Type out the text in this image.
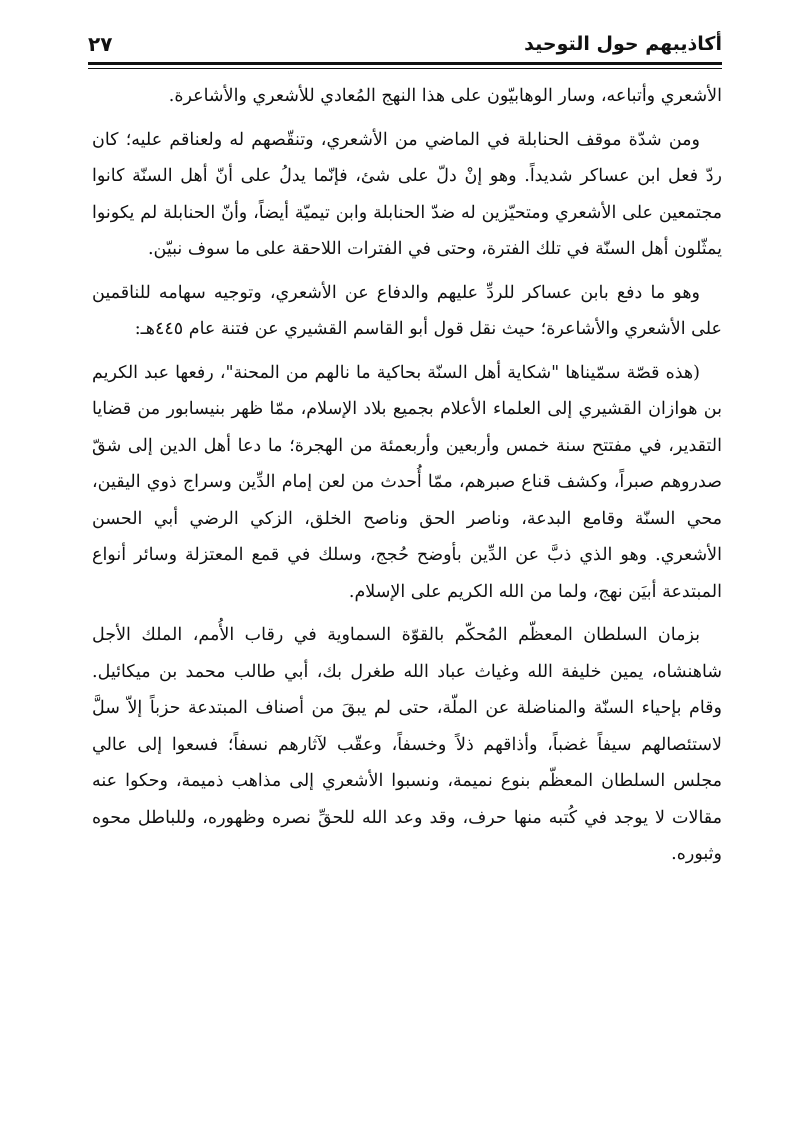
أكاذيبهم حول التوحيد
٢٧

الأشعري وأتباعه، وسار الوهابيّون على هذا النهج المُعادي للأشعري والأشاعرة.

ومن شدّة موقف الحنابلة في الماضي من الأشعري، وتنقّصهم له ولعناقم عليه؛ كان ردّ فعل ابن عساكر شديداً. وهو إنْ دلّ على شئ، فإنّما يدلُ على أنّ أهل السنّة كانوا مجتمعين على الأشعري ومتحيّزين له ضدّ الحنابلة وابن تيميّة أيضاً، وأنّ الحنابلة لم يكونوا يمثّلون أهل السنّة في تلك الفترة، وحتى في الفترات اللاحقة على ما سوف نبيّن.

وهو ما دفع بابن عساكر للردِّ عليهم والدفاع عن الأشعري، وتوجيه سهامه للناقمين على الأشعري والأشاعرة؛ حيث نقل قول أبو القاسم القشيري عن فتنة عام ٤٤٥هـ:

(هذه قصّة سمّيناها "شكاية أهل السنّة بحاكية ما نالهم من المحنة"، رفعها عبد الكريم بن هوازان القشيري إلى العلماء الأعلام بجميع بلاد الإسلام، ممّا ظهر بنيسابور من قضايا التقدير، في مفتتح سنة خمس وأربعين وأربعمئة من الهجرة؛ ما دعا أهل الدين إلى شقّ صدروهم صبراً، وكشف قناع صبرهم، ممّا أُحدث من لعن إمام الدِّين وسراج ذوي اليقين، محي السنّة وقامع البدعة، وناصر الحق وناصح الخلق، الزكي الرضي أبي الحسن الأشعري. وهو الذي ذبَّ عن الدِّين بأوضح حُجج، وسلك في قمع المعتزلة وسائر أنواع المبتدعة أبيَن نهج، ولما من الله الكريم على الإسلام.

بزمان السلطان المعظّم المُحكّم بالقوّة السماوية في رقاب الأُمم، الملك الأجل شاهنشاه، يمين خليفة الله وغياث عباد الله طغرل بك، أبي طالب محمد بن ميكائيل. وقام بإحياء السنّة والمناضلة عن الملّة، حتى لم يبقَ من أصناف المبتدعة حزباً إلاّ سلَّ لاستئصالهم سيفاً غضباً، وأذاقهم ذلاً وخسفاً، وعقّب لآثارهم نسفاً؛ فسعوا إلى عالي مجلس السلطان المعظّم بنوع نميمة، ونسبوا الأشعري إلى مذاهب ذميمة، وحكوا عنه مقالات لا يوجد في كُتبه منها حرف، وقد وعد الله للحقِّ نصره وظهوره، وللباطل محوه وثبوره.
